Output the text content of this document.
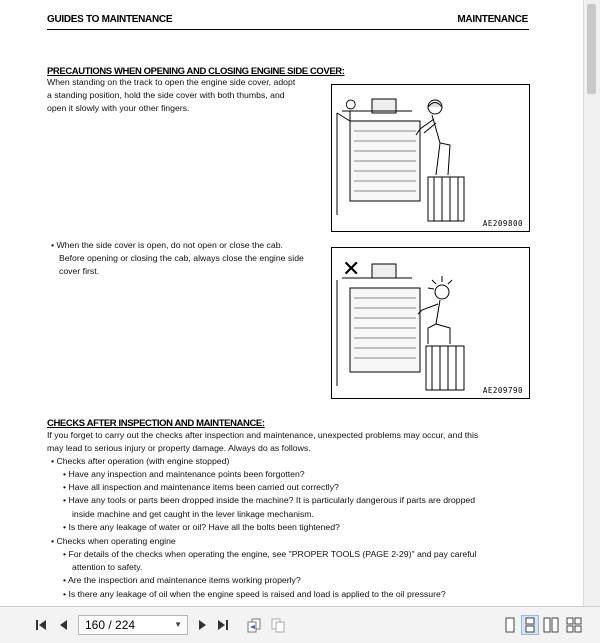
GUIDES TO MAINTENANCE	MAINTENANCE
PRECAUTIONS WHEN OPENING AND CLOSING ENGINE SIDE COVER:
When standing on the track to open the engine side cover, adopt
a standing position, hold the side cover with both thumbs, and
open it slowly with your other fingers.
• When the side cover is open, do not open or close the cab.
Before opening or closing the cab, always close the engine side
cover first.
○
AE209800
✕
AE209790
CHECKS AFTER INSPECTION AND MAINTENANCE:
If you forget to carry out the checks after inspection and maintenance, unexpected problems may occur, and this
may lead to serious injury or property damage. Always do as follows.
• Checks after operation (with engine stopped)
• Have any inspection and maintenance points been forgotten?
• Have all inspection and maintenance items been carried out correctly?
• Have any tools or parts been dropped inside the machine? It is particularly dangerous if parts are dropped
inside machine and get caught in the lever linkage mechanism.
• Is there any leakage of water or oil? Have all the bolts been tightened?
• Checks when operating engine
• For details of the checks when operating the engine, see "PROPER TOOLS (PAGE 2-29)" and pay careful
attention to safety.
• Are the inspection and maintenance items working properly?
• Is there any leakage of oil when the engine speed is raised and load is applied to the oil pressure?
160 / 224	▼
